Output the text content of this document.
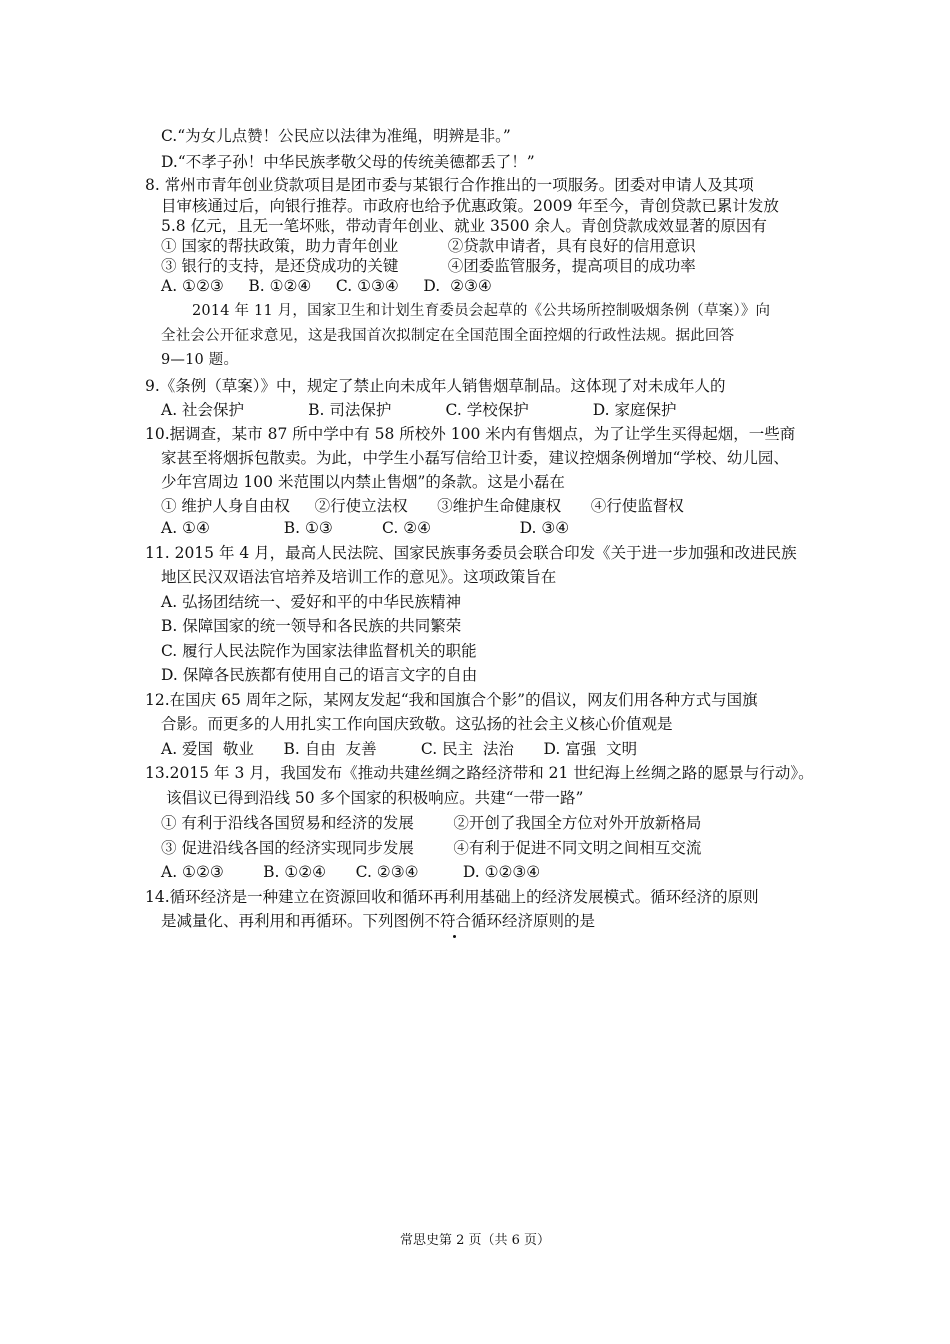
C.“为女儿点赞！公民应以法律为准绳，明辨是非。”
D.“不孝子孙！中华民族孝敬父母的传统美德都丢了！”
8. 常州市青年创业贷款项目是团市委与某银行合作推出的一项服务。团委对申请人及其项
目审核通过后，向银行推荐。市政府也给予优惠政策。2009 年至今，青创贷款已累计发放
5.8 亿元，且无一笔坏账，带动青年创业、就业 3500 余人。青创贷款成效显著的原因有
① 国家的帮扶政策，助力青年创业          ②贷款申请者，具有良好的信用意识
③ 银行的支持，是还贷成功的关键          ④团委监管服务，提高项目的成功率
A. ①②③     B. ①②④     C. ①③④     D.  ②③④
2014 年 11 月，国家卫生和计划生育委员会起草的《公共场所控制吸烟条例（草案）》向
全社会公开征求意见，这是我国首次拟制定在全国范围全面控烟的行政性法规。据此回答
9—10 题。
9.《条例（草案）》中，规定了禁止向未成年人销售烟草制品。这体现了对未成年人的
A. 社会保护             B. 司法保护           C. 学校保护             D. 家庭保护
10.据调查，某市 87 所中学中有 58 所校外 100 米内有售烟点，为了让学生买得起烟，一些商
家甚至将烟拆包散卖。为此，中学生小磊写信给卫计委，建议控烟条例增加“学校、幼儿园、
少年宫周边 100 米范围以内禁止售烟”的条款。这是小磊在
① 维护人身自由权     ②行使立法权      ③维护生命健康权      ④行使监督权
A. ①④               B. ①③          C. ②④                  D. ③④
11. 2015 年 4 月，最高人民法院、国家民族事务委员会联合印发《关于进一步加强和改进民族
地区民汉双语法官培养及培训工作的意见》。这项政策旨在
A. 弘扬团结统一、爱好和平的中华民族精神
B. 保障国家的统一领导和各民族的共同繁荣
C. 履行人民法院作为国家法律监督机关的职能
D. 保障各民族都有使用自己的语言文字的自由
12.在国庆 65 周年之际，某网友发起“我和国旗合个影”的倡议，网友们用各种方式与国旗
合影。而更多的人用扎实工作向国庆致敬。这弘扬的社会主义核心价值观是
A. 爱国  敬业      B. 自由  友善         C. 民主  法治      D. 富强  文明
13.2015 年 3 月，我国发布《推动共建丝绸之路经济带和 21 世纪海上丝绸之路的愿景与行动》。
该倡议已得到沿线 50 多个国家的积极响应。共建“一带一路”
① 有利于沿线各国贸易和经济的发展        ②开创了我国全方位对外开放新格局
③ 促进沿线各国的经济实现同步发展        ④有利于促进不同文明之间相互交流
A. ①②③        B. ①②④      C. ②③④         D. ①②③④
14.循环经济是一种建立在资源回收和循环再利用基础上的经济发展模式。循环经济的原则
是减量化、再利用和再循环。下列图例不符合循环经济原则的是
常思史第 2 页（共 6 页）
